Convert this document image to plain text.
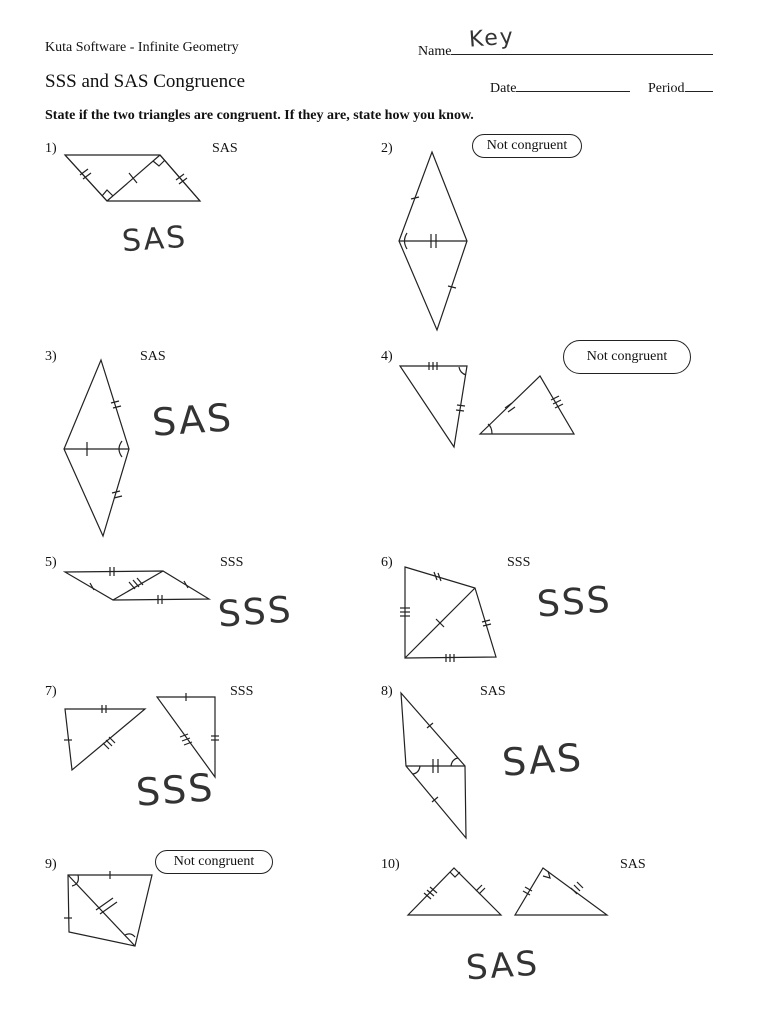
Kuta Software - Infinite Geometry
SSS and SAS Congruence
Name Key
Date	Period
State if the two triangles are congruent. If they are, state how you know.
1)	SAS
SAS
2)	Not congruent
3)	SAS
SAS
4)	Not congruent
5)	SSS
SSS
6)	SSS
SSS
7)	SSS
SSS
8)	SAS
SAS
9)	Not congruent	10)	SAS
SAS
